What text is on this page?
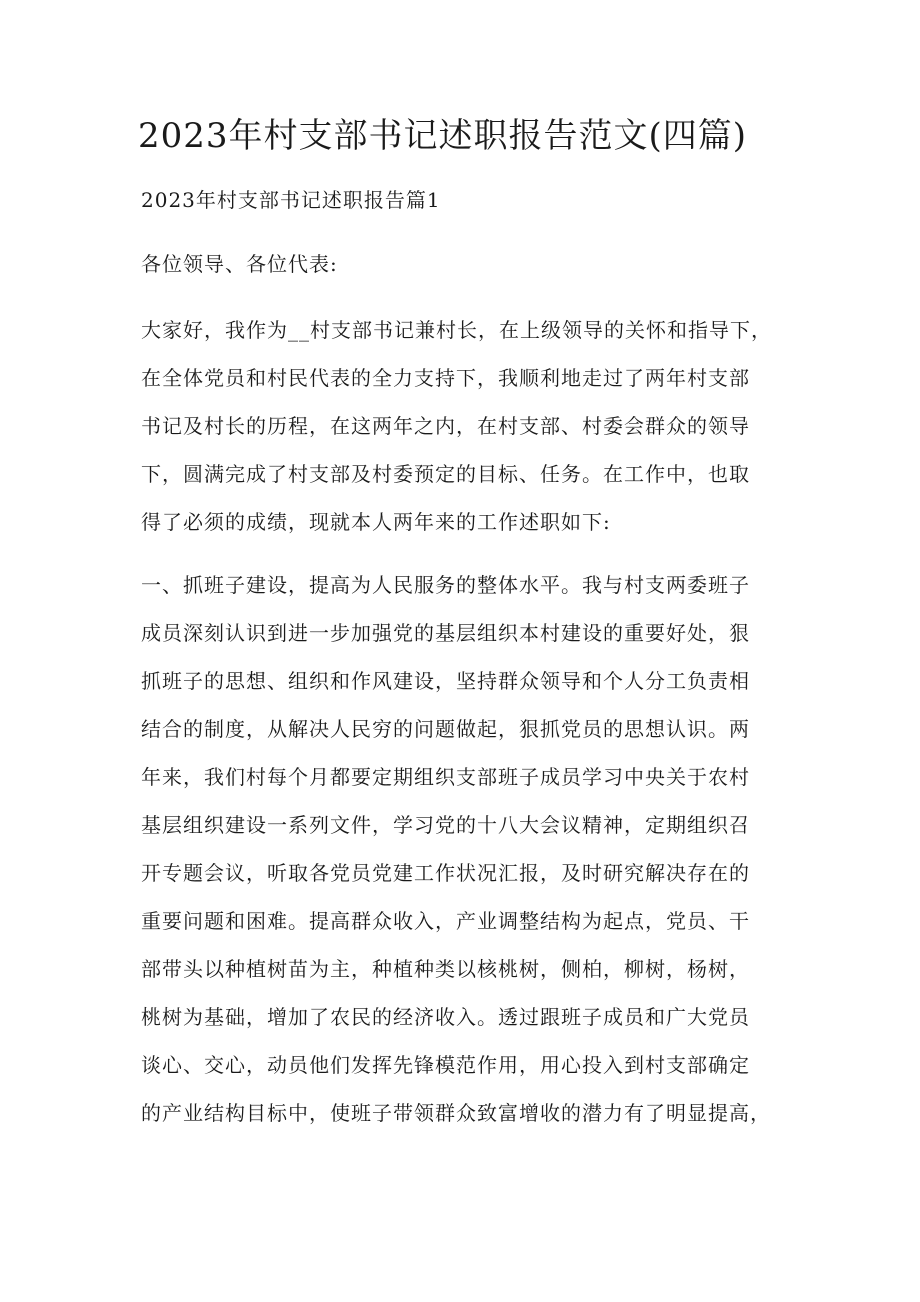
2023年村支部书记述职报告范文(四篇)
2023年村支部书记述职报告篇1
各位领导、各位代表:
大家好，我作为__村支部书记兼村长，在上级领导的关怀和指导下，
在全体党员和村民代表的全力支持下，我顺利地走过了两年村支部
书记及村长的历程，在这两年之内，在村支部、村委会群众的领导
下，圆满完成了村支部及村委预定的目标、任务。在工作中，也取
得了必须的成绩，现就本人两年来的工作述职如下:
一、抓班子建设，提高为人民服务的整体水平。我与村支两委班子
成员深刻认识到进一步加强党的基层组织本村建设的重要好处，狠
抓班子的思想、组织和作风建设，坚持群众领导和个人分工负责相
结合的制度，从解决人民穷的问题做起，狠抓党员的思想认识。两
年来，我们村每个月都要定期组织支部班子成员学习中央关于农村
基层组织建设一系列文件，学习党的十八大会议精神，定期组织召
开专题会议，听取各党员党建工作状况汇报，及时研究解决存在的
重要问题和困难。提高群众收入，产业调整结构为起点，党员、干
部带头以种植树苗为主，种植种类以核桃树，侧柏，柳树，杨树，
桃树为基础，增加了农民的经济收入。透过跟班子成员和广大党员
谈心、交心，动员他们发挥先锋模范作用，用心投入到村支部确定
的产业结构目标中，使班子带领群众致富增收的潜力有了明显提高，
